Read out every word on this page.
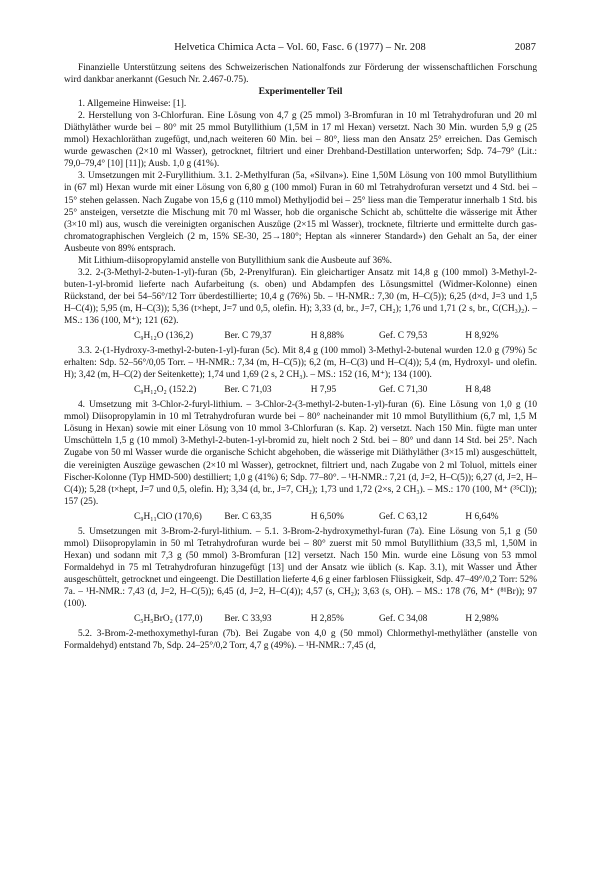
Helvetica Chimica Acta – Vol. 60, Fasc. 6 (1977) – Nr. 208	2087

Finanzielle Unterstützung seitens des Schweizerischen Nationalfonds zur Förderung der wissenschaftlichen Forschung wird dankbar anerkannt (Gesuch Nr. 2.467-0.75).

Experimenteller Teil

1. Allgemeine Hinweise: [1].

2. Herstellung von 3-Chlorfuran. Eine Lösung von 4,7 g (25 mmol) 3-Bromfuran in 10 ml Tetrahydrofuran und 20 ml Diäthyläther wurde bei – 80° mit 25 mmol Butyllithium (1,5M in 17 ml Hexan) versetzt. Nach 30 Min. wurden 5,9 g (25 mmol) Hexachloräthan zugefügt, und,nach weiteren 60 Min. bei – 80°, liess man den Ansatz 25° erreichen. Das Gemisch wurde gewaschen (2×10 ml Wasser), getrocknet, filtriert und einer Drehband-Destillation unterworfen; Sdp. 74–79° (Lit.: 79,0–79,4° [10] [11]); Ausb. 1,0 g (41%).

3. Umsetzungen mit 2-Furyllithium. 3.1. 2-Methylfuran (5a, «Silvan»). Eine 1,50M Lösung von 100 mmol Butyllithium in (67 ml) Hexan wurde mit einer Lösung von 6,80 g (100 mmol) Furan in 60 ml Tetrahydrofuran versetzt und 4 Std. bei – 15° stehen gelassen. Nach Zugabe von 15,6 g (110 mmol) Methyljodid bei – 25° liess man die Temperatur innerhalb 1 Std. bis 25° ansteigen, versetzte die Mischung mit 70 ml Wasser, hob die organische Schicht ab, schüttelte die wässerige mit Äther (3×10 ml) aus, wusch die vereinigten organischen Auszüge (2×15 ml Wasser), trocknete, filtrierte und ermittelte durch gas-chromatographischen Vergleich (2 m, 15% SE-30, 25→180°; Heptan als «innerer Standard») den Gehalt an 5a, der einer Ausbeute von 89% entsprach.

Mit Lithium-diisopropylamid anstelle von Butyllithium sank die Ausbeute auf 36%.

3.2. 2-(3-Methyl-2-buten-1-yl)-furan (5b, 2-Prenylfuran). Ein gleichartiger Ansatz mit 14,8 g (100 mmol) 3-Methyl-2-buten-1-yl-bromid lieferte nach Aufarbeitung (s. oben) und Abdampfen des Lösungsmittel (Widmer-Kolonne) einen Rückstand, der bei 54–56°/12 Torr überdestillierte; 10,4 g (76%) 5b. – ¹H-NMR.: 7,30 (m, H–C(5)); 6,25 (d×d, J=3 und 1,5 H–C(4)); 5,95 (m, H–C(3)); 5,36 (t×hept, J=7 und 0,5, olefin. H); 3,33 (d, br., J=7, CH₂); 1,76 und 1,71 (2 s, br., C(CH₃)₂). – MS.: 136 (100, M⁺); 121 (62).

C₉H₁₂O (136,2)	Ber. C 79,37	H 8,88%	Gef. C 79,53	H 8,92%

3.3. 2-(1-Hydroxy-3-methyl-2-buten-1-yl)-furan (5c). Mit 8,4 g (100 mmol) 3-Methyl-2-butenal wurden 12.0 g (79%) 5c erhalten: Sdp. 52–56°/0,05 Torr. – ¹H-NMR.: 7,34 (m, H–C(5)); 6,2 (m, H–C(3) und H–C(4)); 5,4 (m, Hydroxyl- und olefin. H); 3,42 (m, H–C(2) der Seitenkette); 1,74 und 1,69 (2 s, 2 CH₃). – MS.: 152 (16, M⁺); 134 (100).

C₉H₁₂O₂ (152.2)	Ber. C 71,03	H 7,95	Gef. C 71,30	H 8,48

4. Umsetzung mit 3-Chlor-2-furyl-lithium. – 3-Chlor-2-(3-methyl-2-buten-1-yl)-furan (6). Eine Lösung von 1,0 g (10 mmol) Diisopropylamin in 10 ml Tetrahydrofuran wurde bei – 80° nacheinander mit 10 mmol Butyllithium (6,7 ml, 1,5 M Lösung in Hexan) sowie mit einer Lösung von 10 mmol 3-Chlorfuran (s. Kap. 2) versetzt. Nach 150 Min. fügte man unter Umschütteln 1,5 g (10 mmol) 3-Methyl-2-buten-1-yl-bromid zu, hielt noch 2 Std. bei – 80° und dann 14 Std. bei 25°. Nach Zugabe von 50 ml Wasser wurde die organische Schicht abgehoben, die wässerige mit Diäthyläther (3×15 ml) ausgeschüttelt, die vereinigten Auszüge gewaschen (2×10 ml Wasser), getrocknet, filtriert und, nach Zugabe von 2 ml Toluol, mittels einer Fischer-Kolonne (Typ HMD-500) destilliert; 1,0 g (41%) 6; Sdp. 77–80°. – ¹H-NMR.: 7,21 (d, J=2, H–C(5)); 6,27 (d, J=2, H–C(4)); 5,28 (t×hept, J=7 und 0,5, olefin. H); 3,34 (d, br., J=7, CH₂); 1,73 und 1,72 (2×s, 2 CH₃). – MS.: 170 (100, M⁺ (³⁵Cl)); 157 (25).

C₉H₁₁ClO (170,6) Ber. C 63,35	H 6,50%	Gef. C 63,12	H 6,64%

5. Umsetzungen mit 3-Brom-2-furyl-lithium. – 5.1. 3-Brom-2-hydroxymethyl-furan (7a). Eine Lösung von 5,1 g (50 mmol) Diisopropylamin in 50 ml Tetrahydrofuran wurde bei – 80° zuerst mit 50 mmol Butyllithium (33,5 ml, 1,50M in Hexan) und sodann mit 7,3 g (50 mmol) 3-Bromfuran [12] versetzt. Nach 150 Min. wurde eine Lösung von 53 mmol Formaldehyd in 75 ml Tetrahydrofuran hinzugefügt [13] und der Ansatz wie üblich (s. Kap. 3.1), mit Wasser und Äther ausgeschüttelt, getrocknet und eingeengt. Die Destillation lieferte 4,6 g einer farblosen Flüssigkeit, Sdp. 47–49°/0,2 Torr: 52% 7a. – ¹H-NMR.: 7,43 (d, J=2, H–C(5)); 6,45 (d, J=2, H–C(4)); 4,57 (s, CH₂); 3,63 (s, OH). – MS.: 178 (76, M⁺ (⁸¹Br)); 97 (100).

C₅H₅BrO₂ (177,0) Ber. C 33,93	H 2,85%	Gef. C 34,08	H 2,98%

5.2. 3-Brom-2-methoxymethyl-furan (7b). Bei Zugabe von 4,0 g (50 mmol) Chlormethyl-methyläther (anstelle von Formaldehyd) entstand 7b, Sdp. 24–25°/0,2 Torr, 4,7 g (49%). – ¹H-NMR.: 7,45 (d,
